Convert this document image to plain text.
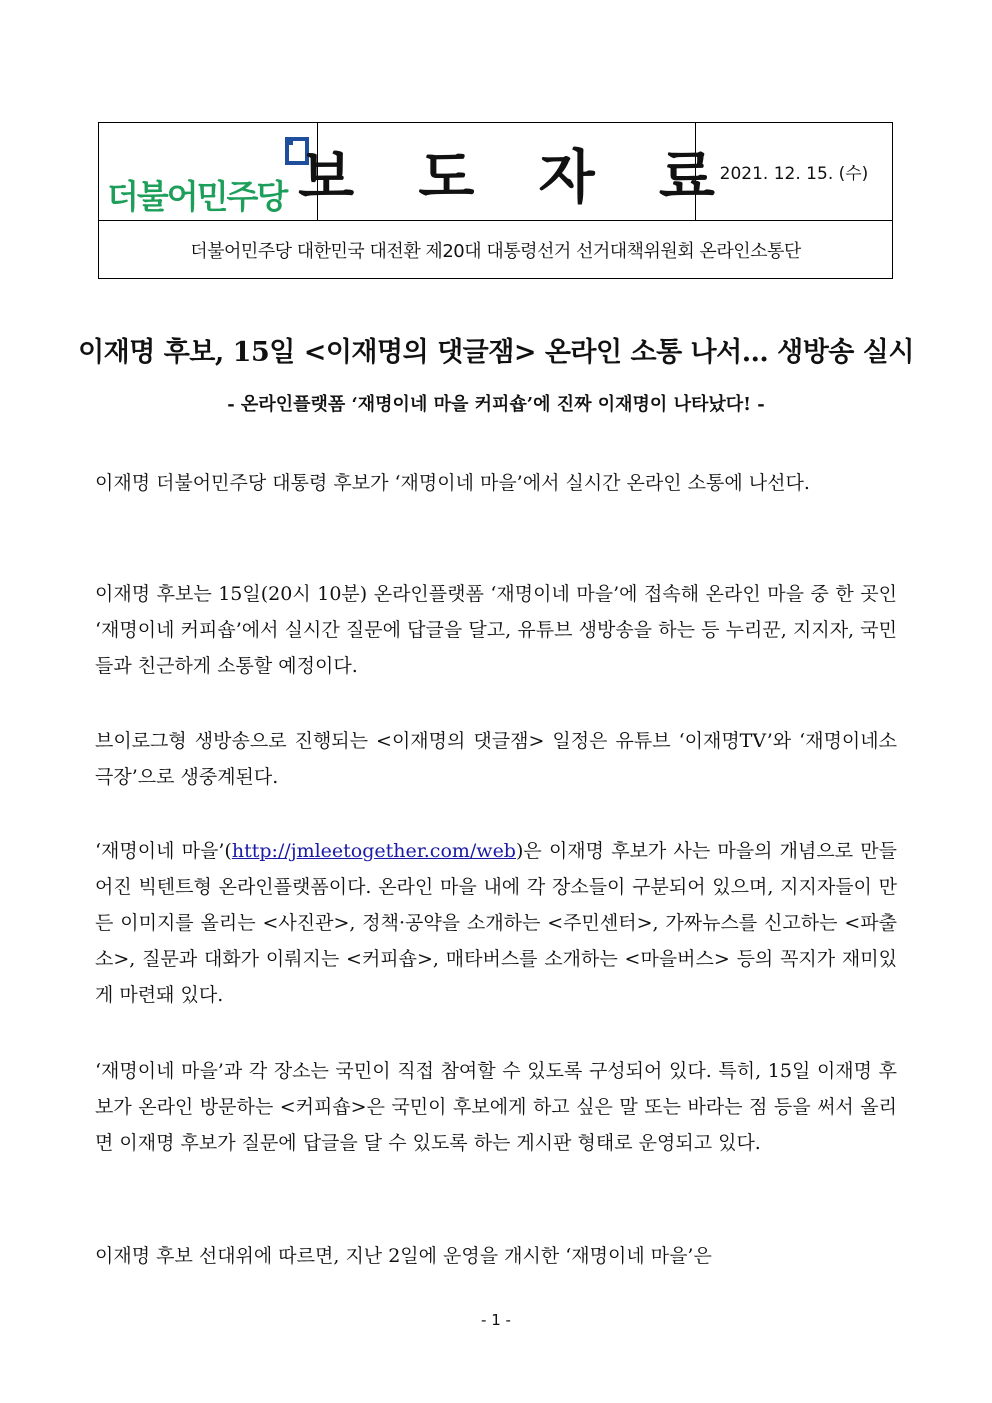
더불어민주당 보 도 자 료
2021. 12. 15. (수)
더불어민주당 대한민국 대전환 제20대 대통령선거 선거대책위원회 온라인소통단
이재명 후보, 15일 <이재명의 댓글잼> 온라인 소통 나서… 생방송 실시
- 온라인플랫폼 ‘재명이네 마을 커피숍’에 진짜 이재명이 나타났다! -

이재명 더불어민주당 대통령 후보가 ‘재명이네 마을’에서 실시간 온라인 소통에 나선다.

이재명 후보는 15일(20시 10분) 온라인플랫폼 ‘재명이네 마을’에 접속해 온라인 마을 중 한 곳인 ‘재명이네 커피숍’에서 실시간 질문에 답글을 달고, 유튜브 생방송을 하는 등 누리꾼, 지지자, 국민들과 친근하게 소통할 예정이다.

브이로그형 생방송으로 진행되는 <이재명의 댓글잼> 일정은 유튜브 ‘이재명TV’와 ‘재명이네소극장’으로 생중계된다.

‘재명이네 마을’(http://jmleetogether.com/web)은 이재명 후보가 사는 마을의 개념으로 만들어진 빅텐트형 온라인플랫폼이다. 온라인 마을 내에 각 장소들이 구분되어 있으며, 지지자들이 만든 이미지를 올리는 <사진관>, 정책·공약을 소개하는 <주민센터>, 가짜뉴스를 신고하는 <파출소>, 질문과 대화가 이뤄지는 <커피숍>, 매타버스를 소개하는 <마을버스> 등의 꼭지가 재미있게 마련돼 있다.

‘재명이네 마을’과 각 장소는 국민이 직접 참여할 수 있도록 구성되어 있다. 특히, 15일 이재명 후보가 온라인 방문하는 <커피숍>은 국민이 후보에게 하고 싶은 말 또는 바라는 점 등을 써서 올리면 이재명 후보가 질문에 답글을 달 수 있도록 하는 게시판 형태로 운영되고 있다.

이재명 후보 선대위에 따르면, 지난 2일에 운영을 개시한 ‘재명이네 마을’은

- 1 -
